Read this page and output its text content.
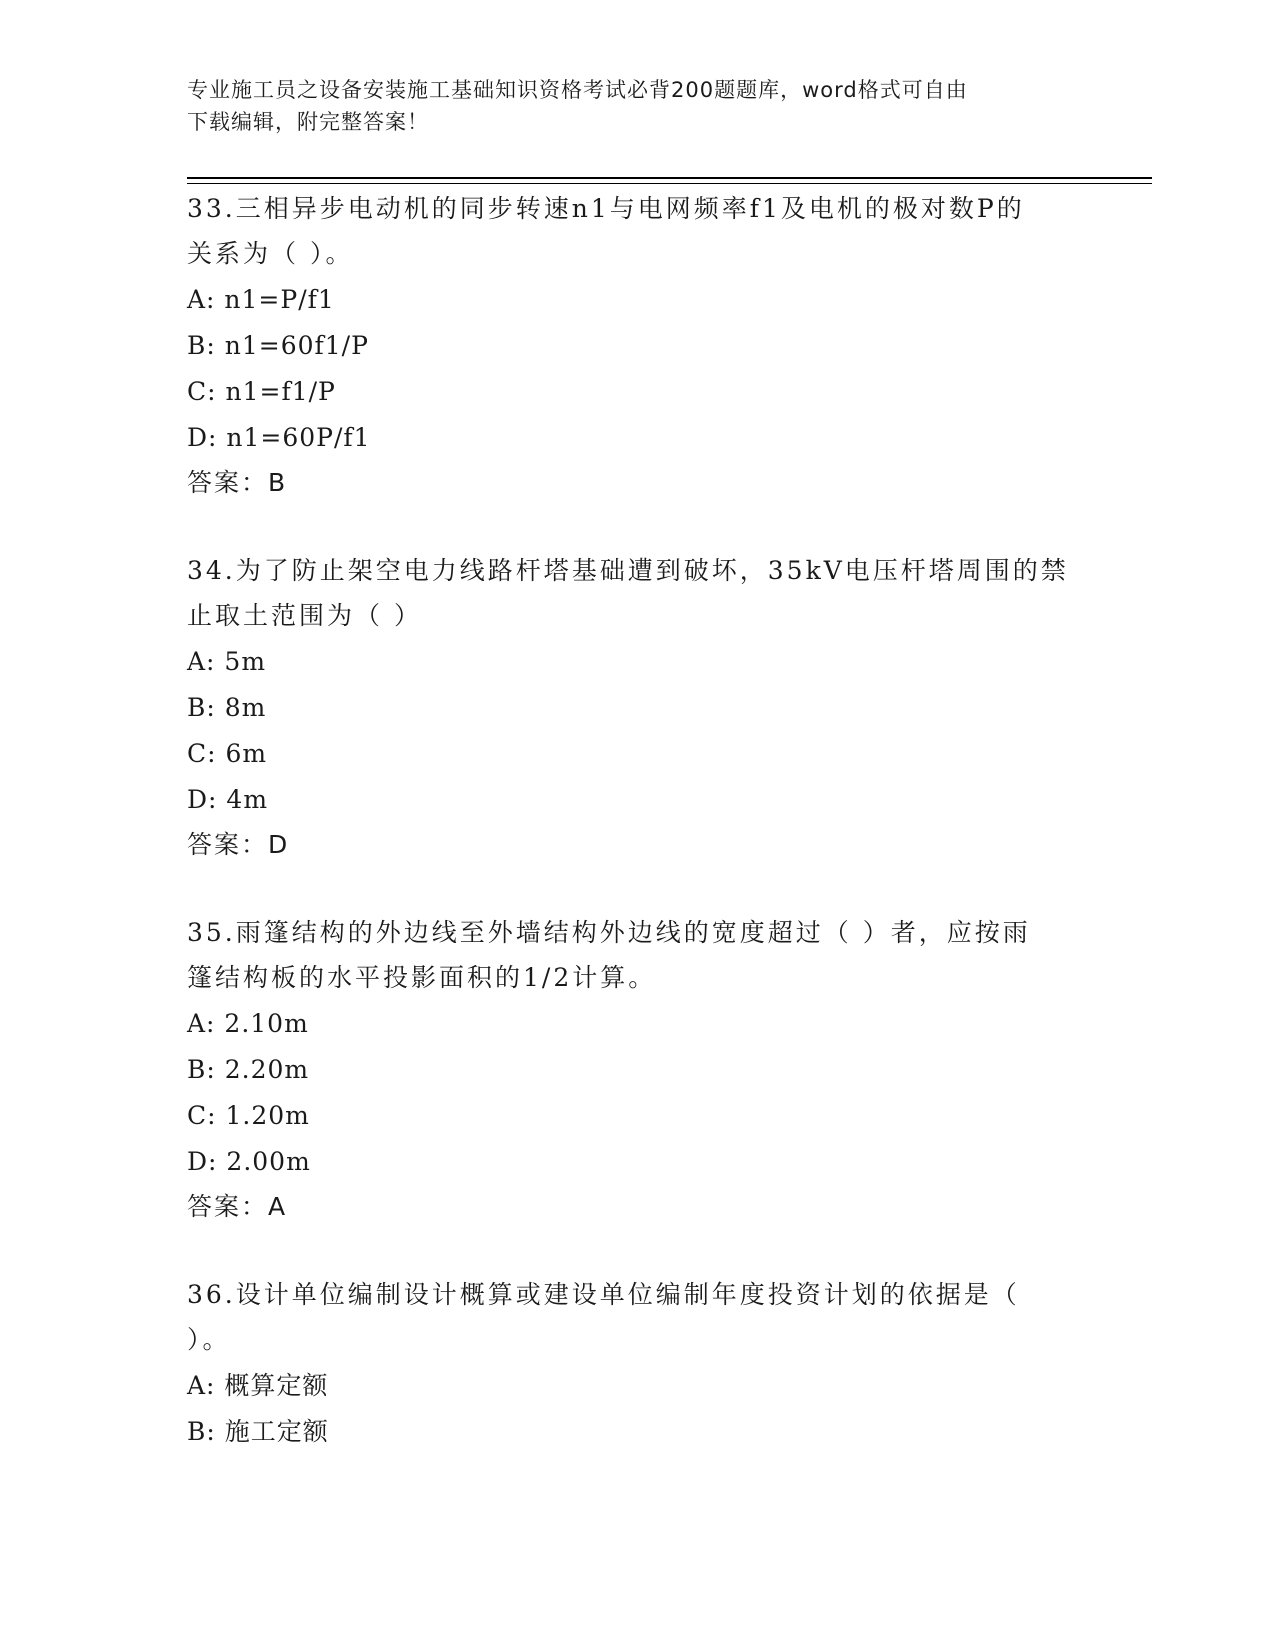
专业施工员之设备安装施工基础知识资格考试必背200题题库，word格式可自由
下载编辑，附完整答案！
33.三相异步电动机的同步转速n1与电网频率f1及电机的极对数P的
关系为（ ）。
A: n1=P/f1
B: n1=60f1/P
C: n1=f1/P
D: n1=60P/f1
答案：B
34.为了防止架空电力线路杆塔基础遭到破坏，35kV电压杆塔周围的禁
止取土范围为（ ）
A: 5m
B: 8m
C: 6m
D: 4m
答案：D
35.雨篷结构的外边线至外墙结构外边线的宽度超过（ ）者，应按雨
篷结构板的水平投影面积的1/2计算。
A: 2.10m
B: 2.20m
C: 1.20m
D: 2.00m
答案：A
36.设计单位编制设计概算或建设单位编制年度投资计划的依据是（
）。
A: 概算定额
B: 施工定额
